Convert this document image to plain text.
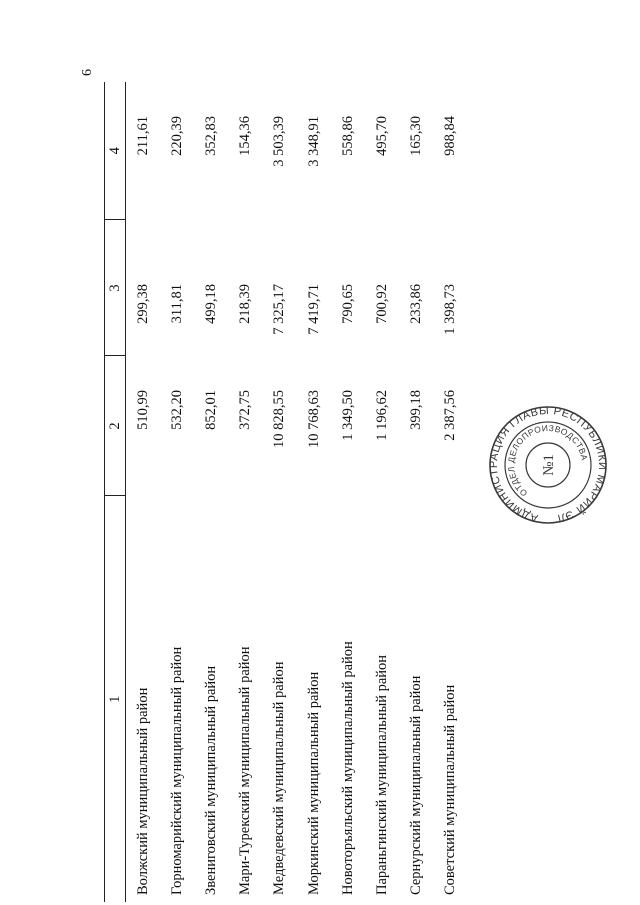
6
1	2	3	4
Волжский муниципальный район	510,99	299,38	211,61
Горномарийский муниципальный район	532,20	311,81	220,39
Звениговский муниципальный район	852,01	499,18	352,83
Мари-Турекский муниципальный район	372,75	218,39	154,36
Медведевский муниципальный район	10 828,55	7 325,17	3 503,39
Моркинский муниципальный район	10 768,63	7 419,71	3 348,91
Новоторъяльский муниципальный район	1 349,50	790,65	558,86
Параньгинский муниципальный район	1 196,62	700,92	495,70
Сернурский муниципальный район	399,18	233,86	165,30
Советский муниципальный район	2 387,56	1 398,73	988,84
АДМИНИСТРАЦИЯ ГЛАВЫ РЕСПУБЛИКИ МАРИЙ ЭЛ
ОТДЕЛ ДЕЛОПРОИЗВОДСТВА
№1
